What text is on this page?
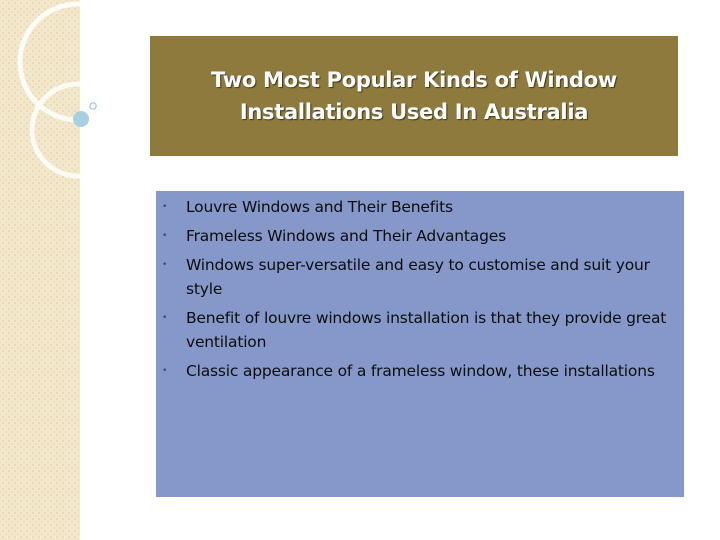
Two Most Popular Kinds of Window
Installations Used In Australia
• Louvre Windows and Their Benefits
• Frameless Windows and Their Advantages
• Windows super-versatile and easy to customise and suit your style
• Benefit of louvre windows installation is that they provide great ventilation
• Classic appearance of a frameless window, these installations
